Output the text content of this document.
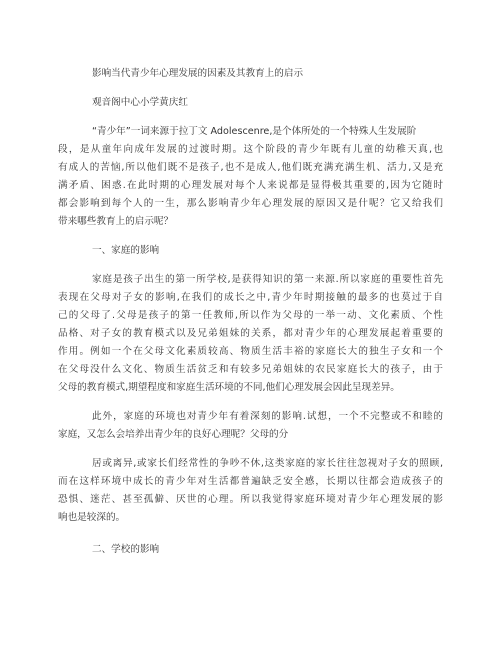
影响当代青少年心理发展的因素及其教育上的启示
观音阁中心小学黄庆红
“青少年”一词来源于拉丁文 Adolescenre,是个体所处的一个特殊人生发展阶
段，是从童年向成年发展的过渡时期。这个阶段的青少年既有儿童的幼稚天真,也
有成人的苦恼,所以他们既不是孩子,也不是成人,他们既充满充满生机、活力,又是充
满矛盾、困惑.在此时期的心理发展对每个人来说都是显得极其重要的,因为它随时
都会影响到每个人的一生，那么影响青少年心理发展的原因又是什呢？它又给我们
带来哪些教育上的启示呢？
一、家庭的影响
家庭是孩子出生的第一所学校,是获得知识的第一来源.所以家庭的重要性首先
表现在父母对子女的影响,在我们的成长之中,青少年时期接触的最多的也莫过于自
己的父母了.父母是孩子的第一任教师,所以作为父母的一举一动、文化素质、个性
品格、对子女的教育模式以及兄弟姐妹的关系，都对青少年的心理发展起着重要的
作用。例如一个在父母文化素质较高、物质生活丰裕的家庭长大的独生子女和一个
在父母没什么文化、物质生活贫乏和有较多兄弟姐妹的农民家庭长大的孩子，由于
父母的教育模式,期望程度和家庭生活环境的不同,他们心理发展会因此呈现差异。
此外，家庭的环境也对青少年有着深刻的影响.试想，一个不完整或不和睦的
家庭，又怎么会培养出青少年的良好心理呢？父母的分
居或离异,或家长们经常性的争吵不休,这类家庭的家长往往忽视对子女的照顾,
而在这样环境中成长的青少年对生活都普遍缺乏安全感，长期以往都会造成孩子的
恐惧、迷茫、甚至孤僻、厌世的心理。所以我觉得家庭环境对青少年心理发展的影
响也是较深的。
二、学校的影响
